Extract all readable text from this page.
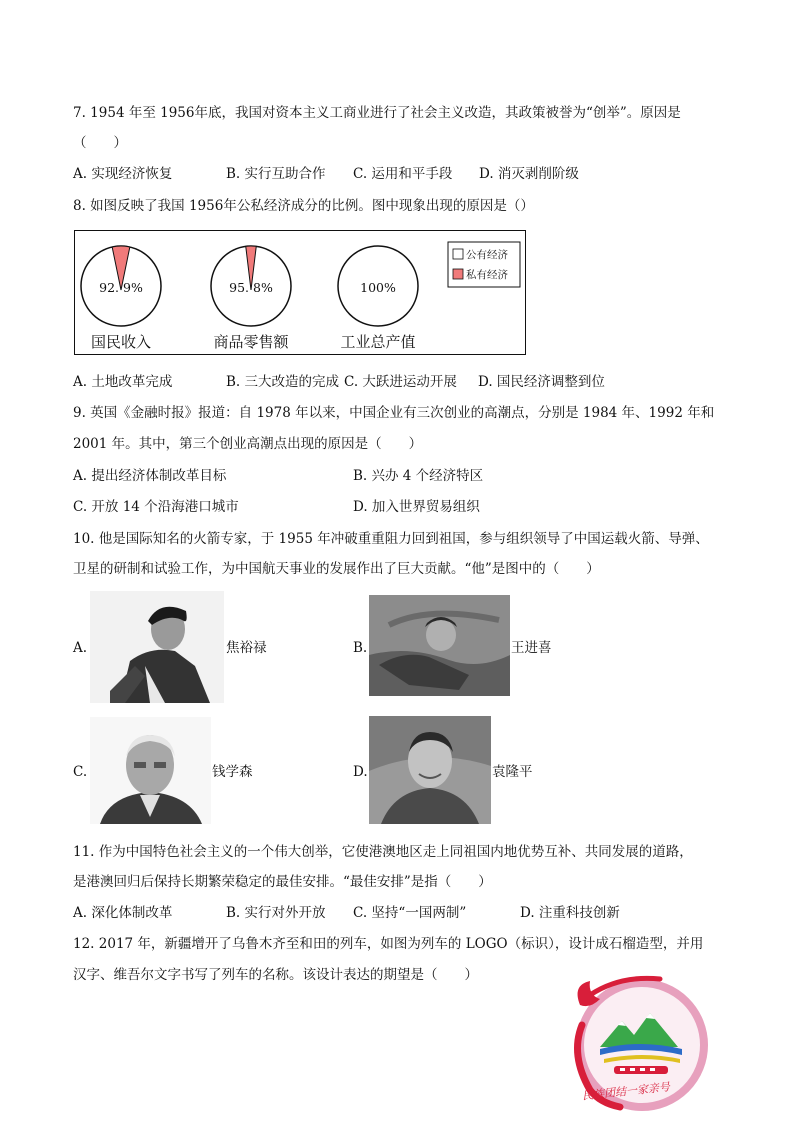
7. 1954 年至 1956年底，我国对资本主义工商业进行了社会主义改造，其政策被誉为“创举”。原因是
（　　）
A. 实现经济恢复	B. 实行互助合作 C. 运用和平手段 D. 消灭剥削阶级
8. 如图反映了我国 1956年公私经济成分的比例。图中现象出现的原因是（）
92. 9%
国民收入
95. 8%
商品零售额
100%
工业总产值
公有经济
私有经济
A. 土地改革完成	B. 三大改造的完成 C. 大跃进运动开展 D. 国民经济调整到位
9. 英国《金融时报》报道：自 1978 年以来，中国企业有三次创业的高潮点，分别是 1984 年、1992 年和
2001 年。其中，第三个创业高潮点出现的原因是（　　）
A. 提出经济体制改革目标	B. 兴办 4 个经济特区
C. 开放 14 个沿海港口城市	D. 加入世界贸易组织
10. 他是国际知名的火箭专家，于 1955 年冲破重重阻力回到祖国，参与组织领导了中国运载火箭、导弹、
卫星的研制和试验工作，为中国航天事业的发展作出了巨大贡献。“他”是图中的（　　）
A.	焦裕禄	B.	王进喜
C.	钱学森	D.	袁隆平
11. 作为中国特色社会主义的一个伟大创举，它使港澳地区走上同祖国内地优势互补、共同发展的道路，
是港澳回归后保持长期繁荣稳定的最佳安排。“最佳安排”是指（　　）
A. 深化体制改革	B. 实行对外开放 C. 坚持“一国两制”	D. 注重科技创新
12. 2017 年，新疆增开了乌鲁木齐至和田的列车，如图为列车的 LOGO（标识），设计成石榴造型，并用
汉字、维吾尔文字书写了列车的名称。该设计表达的期望是（　　）
民族团结一家亲号
